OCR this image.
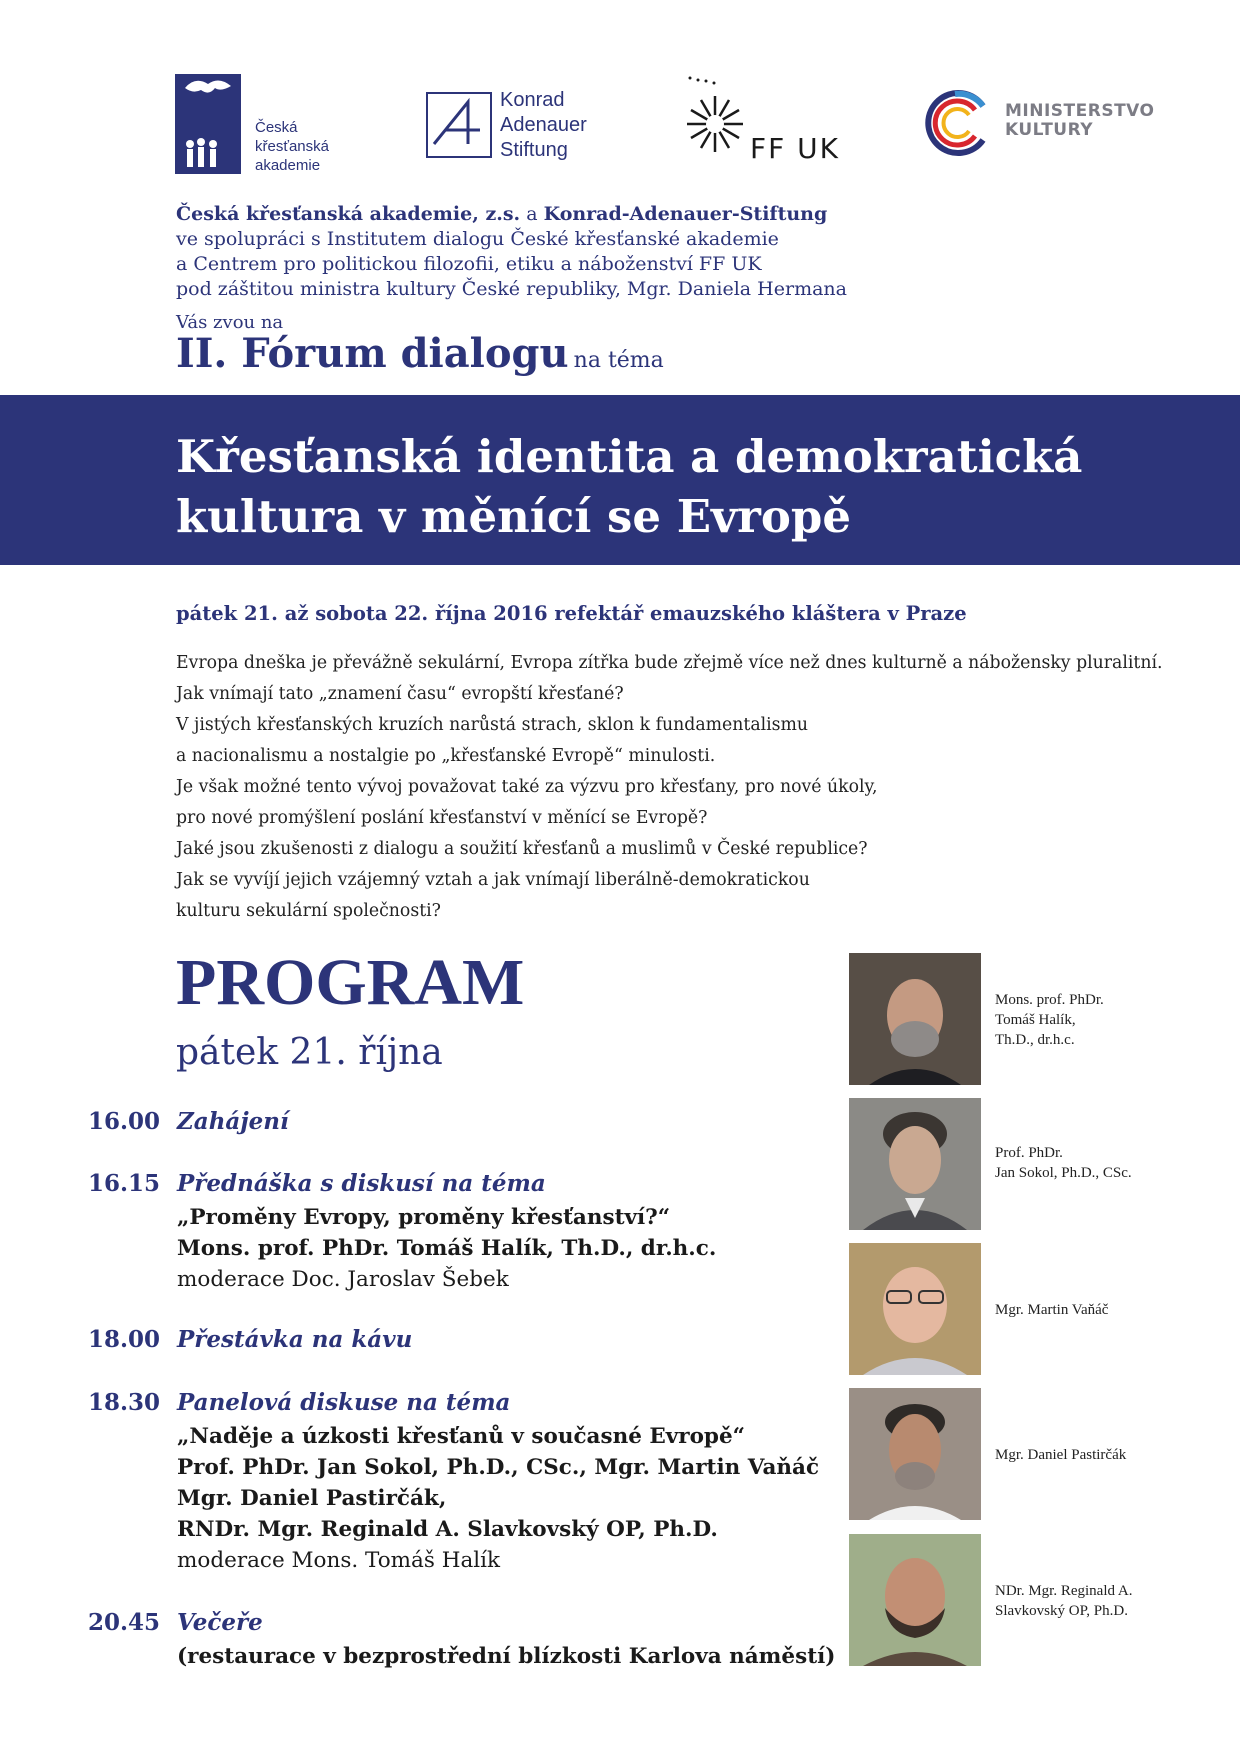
Česká
křesťanská
akademie
Konrad
Adenauer
Stiftung	FF UK
MINISTERSTVO
KULTURY
Česká křesťanská akademie, z.s. a Konrad-Adenauer-Stiftung
ve spolupráci s Institutem dialogu České křesťanské akademie
a Centrem pro politickou filozofii, etiku a náboženství FF UK
pod záštitou ministra kultury České republiky, Mgr. Daniela Hermana
Vás zvou na
II. Fórum dialogu na téma
Křesťanská identita a demokratická
kultura v měnící se Evropě
pátek 21. až sobota 22. října 2016 refektář emauzského kláštera v Praze
Evropa dneška je převážně sekulární, Evropa zítřka bude zřejmě více než dnes kulturně a nábožensky pluralitní.
Jak vnímají tato „znamení času“ evropští křesťané?
V jistých křesťanských kruzích narůstá strach, sklon k fundamentalismu
a nacionalismu a nostalgie po „křesťanské Evropě“ minulosti.
Je však možné tento vývoj považovat také za výzvu pro křesťany, pro nové úkoly,
pro nové promýšlení poslání křesťanství v měnící se Evropě?
Jaké jsou zkušenosti z dialogu a soužití křesťanů a muslimů v České republice?
Jak se vyvíjí jejich vzájemný vztah a jak vnímají liberálně-demokratickou
kulturu sekulární společnosti?
PROGRAM
pátek 21. října
16.00 Zahájení
16.15 Přednáška s diskusí na téma
„Proměny Evropy, proměny křesťanství?“
Mons. prof. PhDr. Tomáš Halík, Th.D., dr.h.c.
moderace Doc. Jaroslav Šebek
18.00 Přestávka na kávu
18.30 Panelová diskuse na téma
„Naděje a úzkosti křesťanů v současné Evropě“
Prof. PhDr. Jan Sokol, Ph.D., CSc., Mgr. Martin Vaňáč
Mgr. Daniel Pastirčák,
RNDr. Mgr. Reginald A. Slavkovský OP, Ph.D.
moderace Mons. Tomáš Halík
20.45 Večeře
(restaurace v bezprostřední blízkosti Karlova náměstí)
Mons. prof. PhDr.
Tomáš Halík,
Th.D., dr.h.c.
Prof. PhDr.
Jan Sokol, Ph.D., CSc.
Mgr. Martin Vaňáč
Mgr. Daniel Pastirčák
NDr. Mgr. Reginald A.
Slavkovský OP, Ph.D.
